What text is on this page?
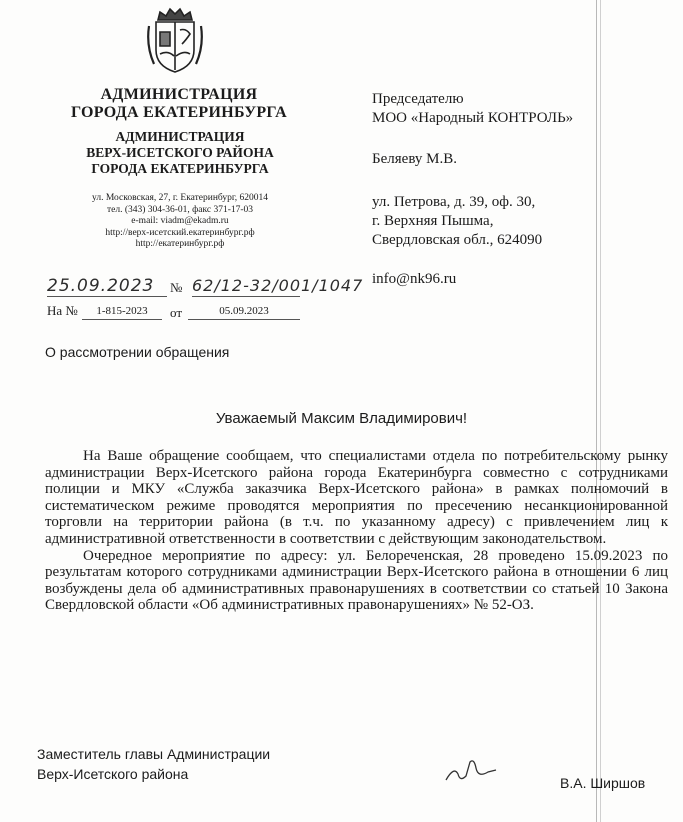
АДМИНИСТРАЦИЯ
ГОРОДА ЕКАТЕРИНБУРГА
АДМИНИСТРАЦИЯ
ВЕРХ-ИСЕТСКОГО РАЙОНА
ГОРОДА ЕКАТЕРИНБУРГА
ул. Московская, 27, г. Екатеринбург, 620014
тел. (343) 304-36-01, факс 371-17-03
e-mail: viadm@ekadm.ru
http://верх-исетский.екатеринбург.рф
http://екатеринбург.рф
25.09.2023	№ 62/12-32/001/1047
На №	1-815-2023	от	05.09.2023
Председателю
МОО «Народный КОНТРОЛЬ»
Беляеву М.В.
ул. Петрова, д. 39, оф. 30,
г. Верхняя Пышма,
Свердловская обл., 624090
info@nk96.ru
О рассмотрении обращения
Уважаемый Максим Владимирович!

На Ваше обращение сообщаем, что специалистами отдела по потребительскому рынку администрации Верх-Исетского района города Екатеринбурга совместно с сотрудниками полиции и МКУ «Служба заказчика Верх-Исетского района» в рамках полномочий в систематическом режиме проводятся мероприятия по пресечению несанкционированной торговли на территории района (в т.ч. по указанному адресу) с привлечением лиц к административной ответственности в соответствии с действующим законодательством.

Очередное мероприятие по адресу: ул. Белореченская, 28 проведено 15.09.2023 по результатам которого сотрудниками администрации Верх-Исетского района в отношении 6 лиц возбуждены дела об административных правонарушениях в соответствии со статьей 10 Закона Свердловской области «Об административных правонарушениях» № 52-ОЗ.

Заместитель главы Администрации
Верх-Исетского района
В.А. Ширшов
